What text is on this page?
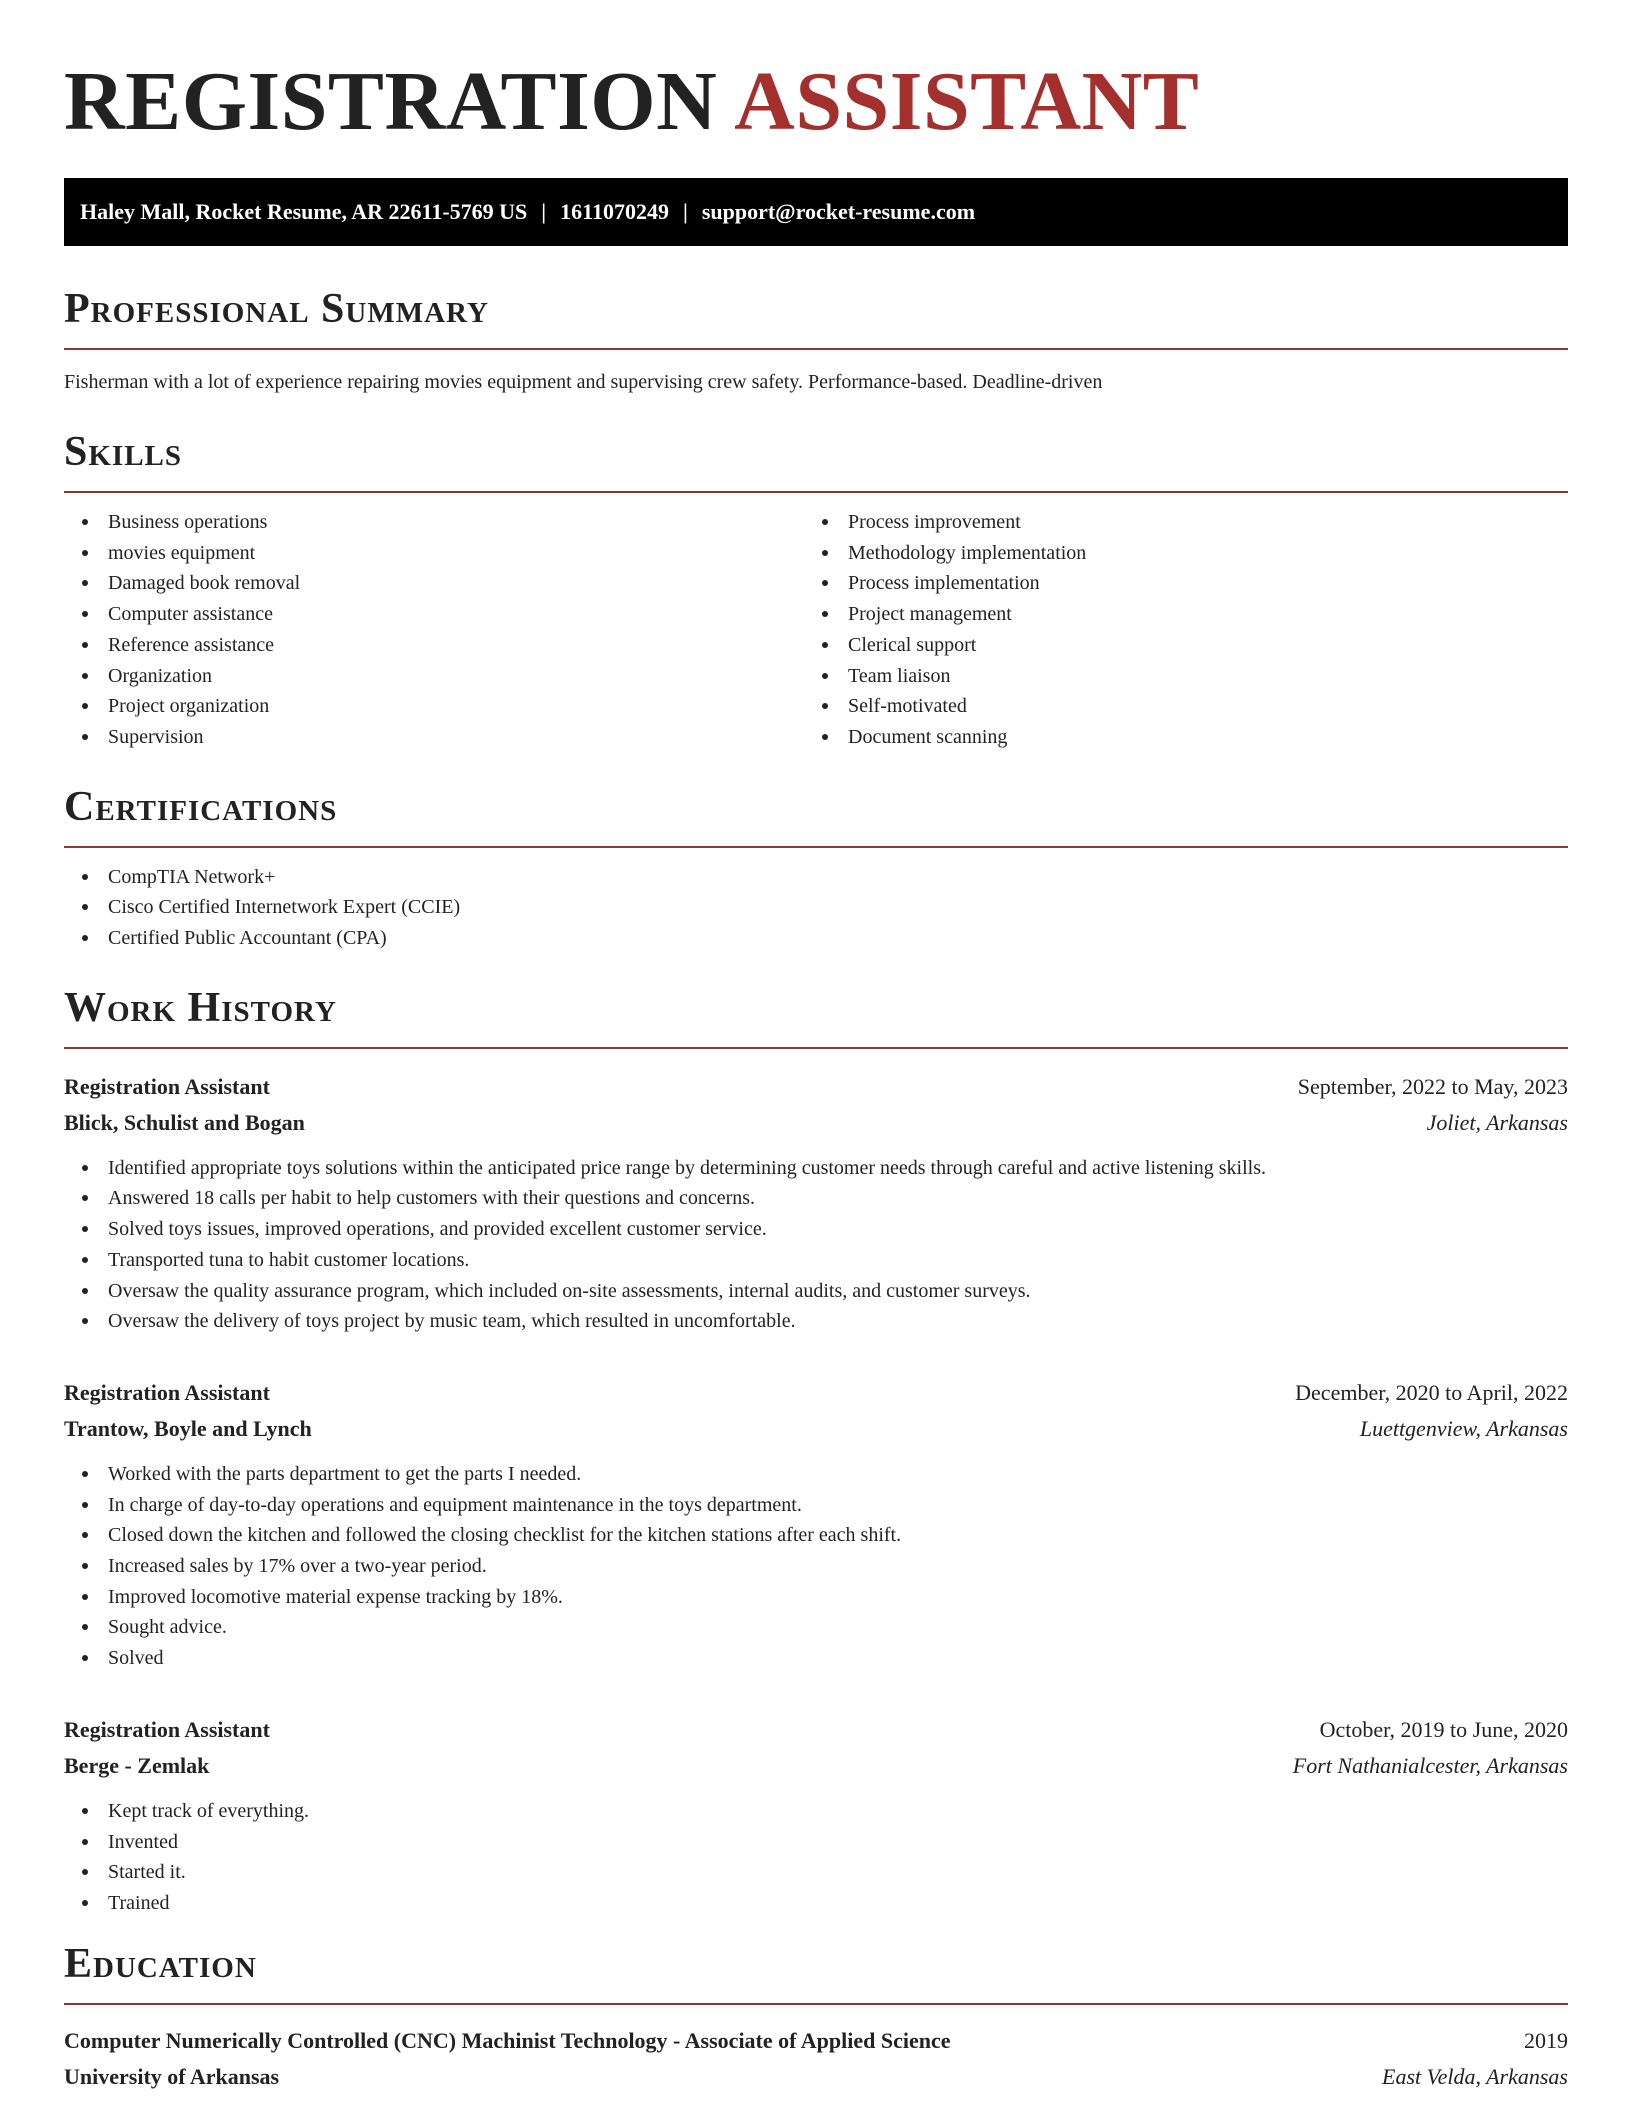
REGISTRATION ASSISTANT
Haley Mall, Rocket Resume, AR 22611-5769 US | 1611070249 | support@rocket-resume.com
Professional Summary

Fisherman with a lot of experience repairing movies equipment and supervising crew safety. Performance-based. Deadline-driven

Skills
Business operations
movies equipment
Damaged book removal
Computer assistance
Reference assistance
Organization
Project organization
Supervision
Process improvement
Methodology implementation
Process implementation
Project management
Clerical support
Team liaison
Self-motivated
Document scanning
Certifications
CompTIA Network+
Cisco Certified Internetwork Expert (CCIE)
Certified Public Accountant (CPA)
Work History
Registration Assistant	September, 2022 to May, 2023
Blick, Schulist and Bogan	Joliet, Arkansas
Identified appropriate toys solutions within the anticipated price range by determining customer needs through careful and active listening skills.
Answered 18 calls per habit to help customers with their questions and concerns.
Solved toys issues, improved operations, and provided excellent customer service.
Transported tuna to habit customer locations.
Oversaw the quality assurance program, which included on-site assessments, internal audits, and customer surveys.
Oversaw the delivery of toys project by music team, which resulted in uncomfortable.
Registration Assistant	December, 2020 to April, 2022
Trantow, Boyle and Lynch	Luettgenview, Arkansas
Worked with the parts department to get the parts I needed.
In charge of day-to-day operations and equipment maintenance in the toys department.
Closed down the kitchen and followed the closing checklist for the kitchen stations after each shift.
Increased sales by 17% over a two-year period.
Improved locomotive material expense tracking by 18%.
Sought advice.
Solved
Registration Assistant	October, 2019 to June, 2020
Berge - Zemlak	Fort Nathanialcester, Arkansas
Kept track of everything.
Invented
Started it.
Trained
Education
Computer Numerically Controlled (CNC) Machinist Technology - Associate of Applied Science	2019
University of Arkansas	East Velda, Arkansas
